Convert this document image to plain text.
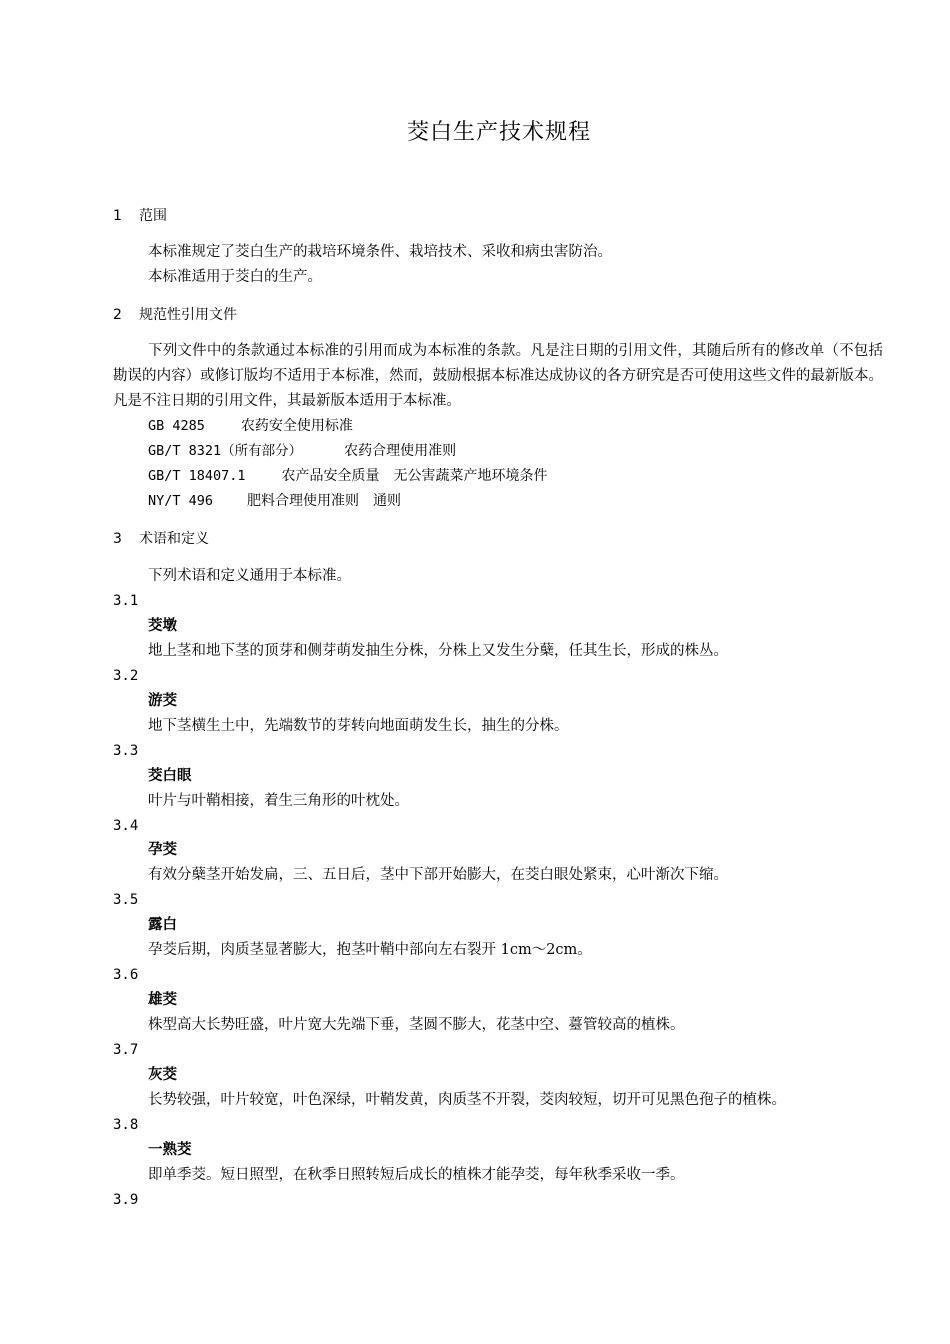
茭白生产技术规程
1 范围
本标准规定了茭白生产的栽培环境条件、栽培技术、采收和病虫害防治。
本标准适用于茭白的生产。
2 规范性引用文件
下列文件中的条款通过本标准的引用而成为本标准的条款。凡是注日期的引用文件，其随后所有的修改单（不包括勘误的内容）或修订版均不适用于本标准，然而，鼓励根据本标准达成协议的各方研究是否可使用这些文件的最新版本。凡是不注日期的引用文件，其最新版本适用于本标准。
GB 4285	农药安全使用标准
GB/T 8321（所有部分）	农药合理使用准则
GB/T 18407.1	农产品安全质量　无公害蔬菜产地环境条件
NY/T 496 肥料合理使用准则　通则
3 术语和定义
下列术语和定义通用于本标准。
3.1
茭墩
地上茎和地下茎的顶芽和侧芽萌发抽生分株，分株上又发生分蘖，任其生长，形成的株丛。
3.2
游茭
地下茎横生土中，先端数节的芽转向地面萌发生长，抽生的分株。
3.3
茭白眼
叶片与叶鞘相接，着生三角形的叶枕处。
3.4
孕茭
有效分蘖茎开始发扁，三、五日后，茎中下部开始膨大，在茭白眼处紧束，心叶渐次下缩。
3.5
露白
孕茭后期，肉质茎显著膨大，抱茎叶鞘中部向左右裂开 1cm～2cm。
3.6
雄茭
株型高大长势旺盛，叶片宽大先端下垂，茎圆不膨大，花茎中空、薹管较高的植株。
3.7
灰茭
长势较强，叶片较宽，叶色深绿，叶鞘发黄，肉质茎不开裂，茭肉较短，切开可见黑色孢子的植株。
3.8
一熟茭
即单季茭。短日照型，在秋季日照转短后成长的植株才能孕茭，每年秋季采收一季。
3.9
